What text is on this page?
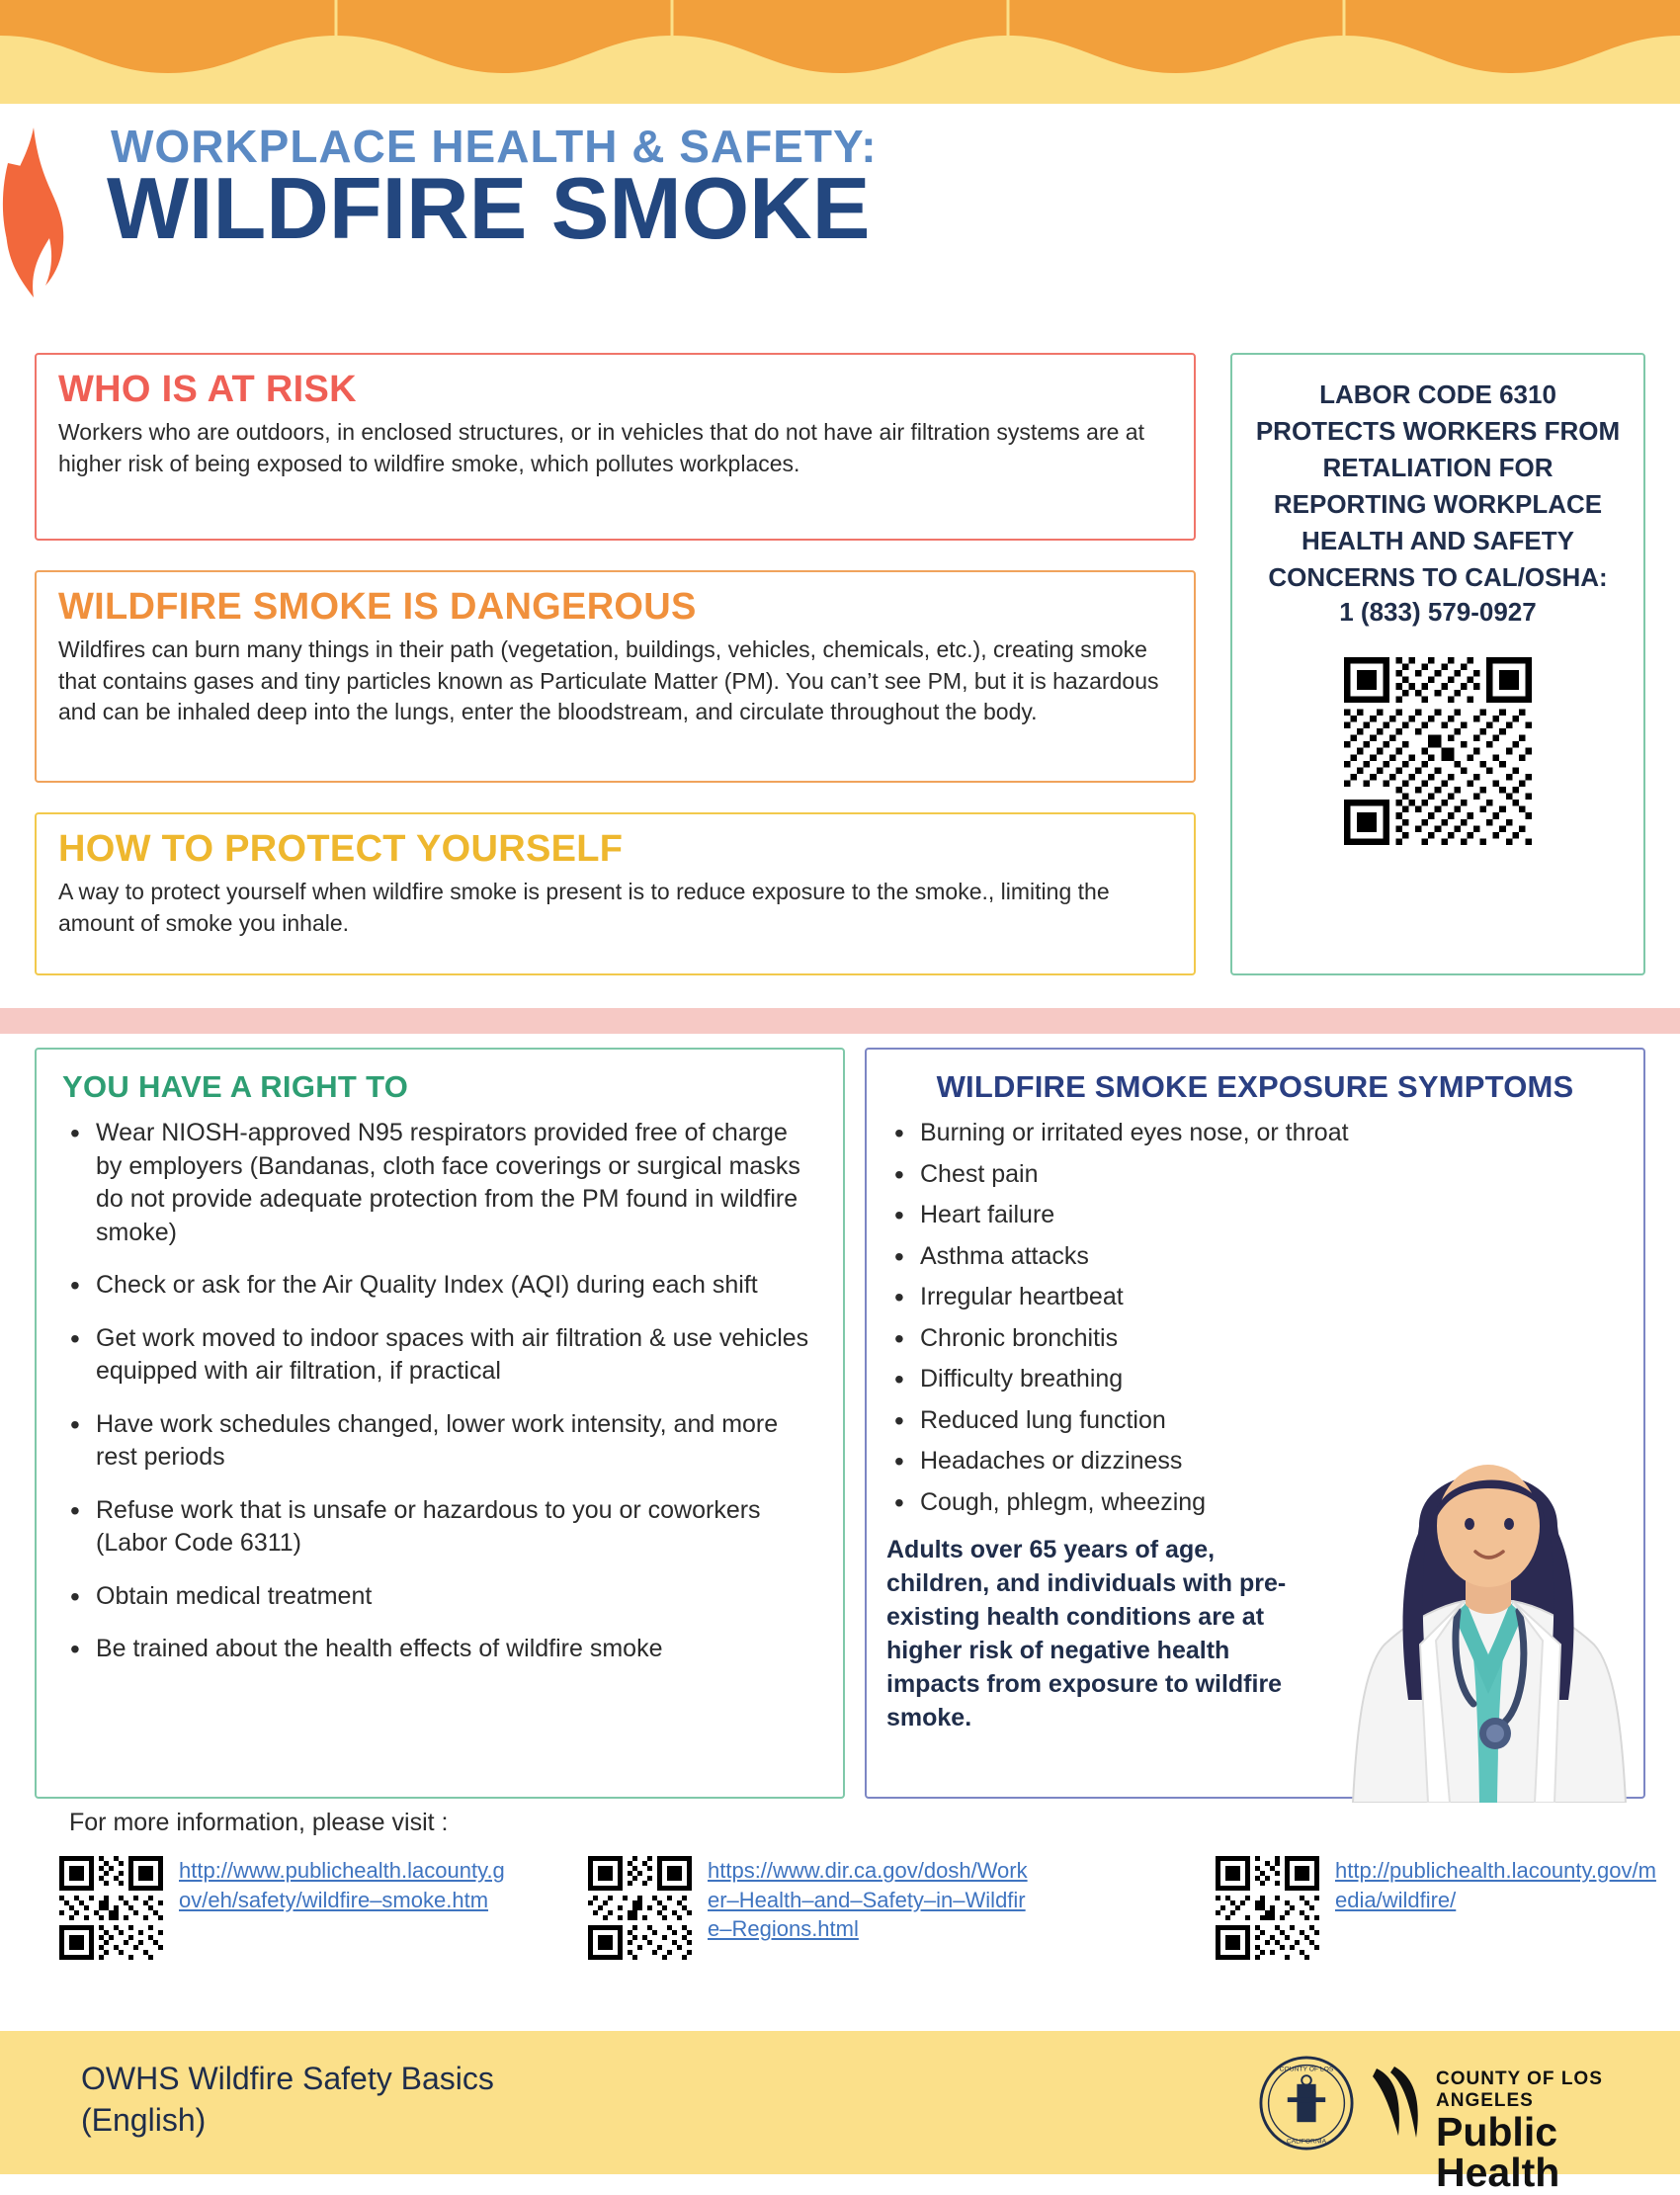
WORKPLACE HEALTH & SAFETY:
WILDFIRE SMOKE
WHO IS AT RISK

Workers who are outdoors, in enclosed structures, or in vehicles that do not have air filtration systems are at higher risk of being exposed to wildfire smoke, which pollutes workplaces.

WILDFIRE SMOKE IS DANGEROUS

Wildfires can burn many things in their path (vegetation, buildings, vehicles, chemicals, etc.), creating smoke that contains gases and tiny particles known as Particulate Matter (PM). You can’t see PM, but it is hazardous and can be inhaled deep into the lungs, enter the bloodstream, and circulate throughout the body.

HOW TO PROTECT YOURSELF

A way to protect yourself when wildfire smoke is present is to reduce exposure to the smoke., limiting the amount of smoke you inhale.

LABOR CODE 6310 PROTECTS WORKERS FROM RETALIATION FOR REPORTING WORKPLACE HEALTH AND SAFETY CONCERNS TO CAL/OSHA:
1 (833) 579-0927
YOU HAVE A RIGHT TO
• Wear NIOSH-approved N95 respirators provided free of charge by employers (Bandanas, cloth face coverings or surgical masks do not provide adequate protection from the PM found in wildfire smoke)
• Check or ask for the Air Quality Index (AQI) during each shift
• Get work moved to indoor spaces with air filtration & use vehicles equipped with air filtration, if practical
• Have work schedules changed, lower work intensity, and more rest periods
• Refuse work that is unsafe or hazardous to you or coworkers (Labor Code 6311)
• Obtain medical treatment
• Be trained about the health effects of wildfire smoke
WILDFIRE SMOKE EXPOSURE SYMPTOMS
• Burning or irritated eyes nose, or throat
• Chest pain
• Heart failure
• Asthma attacks
• Irregular heartbeat
• Chronic bronchitis
• Difficulty breathing
• Reduced lung function
• Headaches or dizziness
• Cough, phlegm, wheezing
Adults over 65 years of age, children, and individuals with pre-existing health conditions are at higher risk of negative health impacts from exposure to wildfire smoke.
For more information, please visit :
http://www.publichealth.lacounty.gov/eh/safety/wildfire–smoke.htm
https://www.dir.ca.gov/dosh/Worker–Health–and–Safety–in–Wildfire–Regions.html
http://publichealth.lacounty.gov/media/wildfire/
OWHS Wildfire Safety Basics
(English)
COUNTY OF LOS
CALIFORNIA
COUNTY OF LOS ANGELES
Public Health
